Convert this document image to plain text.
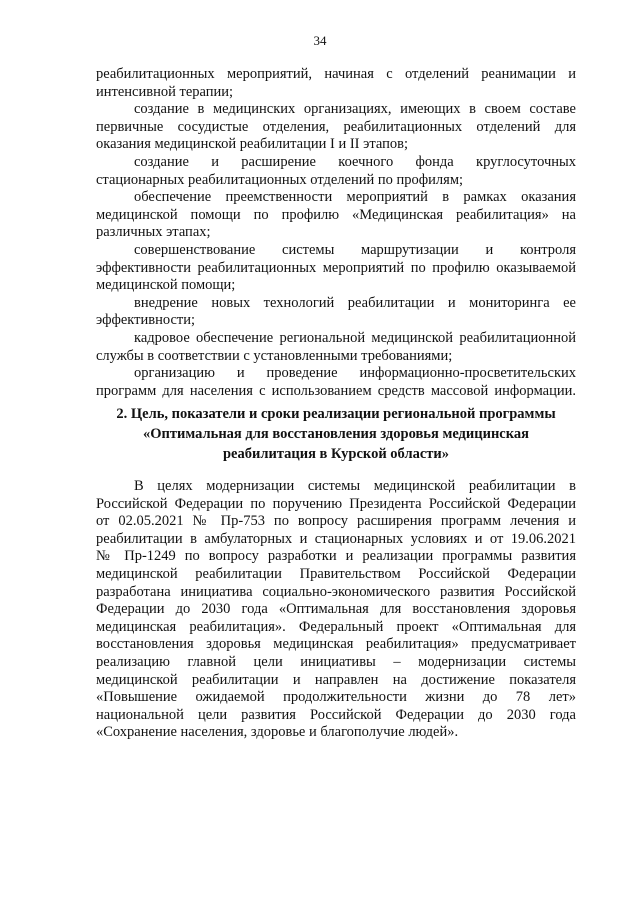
34
реабилитационных мероприятий, начиная с отделений реанимации и
интенсивной терапии;
создание в медицинских организациях, имеющих в своем составе
первичные сосудистые отделения, реабилитационных отделений для
оказания медицинской реабилитации I и II этапов;
создание и расширение коечного фонда круглосуточных
стационарных реабилитационных отделений по профилям;
обеспечение преемственности мероприятий в рамках оказания
медицинской помощи по профилю «Медицинская реабилитация» на
различных этапах;
совершенствование системы маршрутизации и контроля
эффективности реабилитационных мероприятий по профилю оказываемой
медицинской помощи;
внедрение новых технологий реабилитации и мониторинга ее
эффективности;
кадровое обеспечение региональной медицинской реабилитационной
службы в соответствии с установленными требованиями;
организацию и проведение информационно-просветительских
программ для населения с использованием средств массовой информации.
2. Цель, показатели и сроки реализации региональной программы
«Оптимальная для восстановления здоровья медицинская
реабилитация в Курской области»
В целях модернизации системы медицинской реабилитации в
Российской Федерации по поручению Президента Российской Федерации
от 02.05.2021 № Пр-753 по вопросу расширения программ лечения и
реабилитации в амбулаторных и стационарных условиях и от 19.06.2021
№ Пр-1249 по вопросу разработки и реализации программы развития
медицинской реабилитации Правительством Российской Федерации
разработана инициатива социально-экономического развития Российской
Федерации до 2030 года «Оптимальная для восстановления здоровья
медицинская реабилитация». Федеральный проект «Оптимальная для
восстановления здоровья медицинская реабилитация» предусматривает
реализацию главной цели инициативы – модернизации системы
медицинской реабилитации и направлен на достижение показателя
«Повышение ожидаемой продолжительности жизни до 78 лет»
национальной цели развития Российской Федерации до 2030 года
«Сохранение населения, здоровье и благополучие людей».
